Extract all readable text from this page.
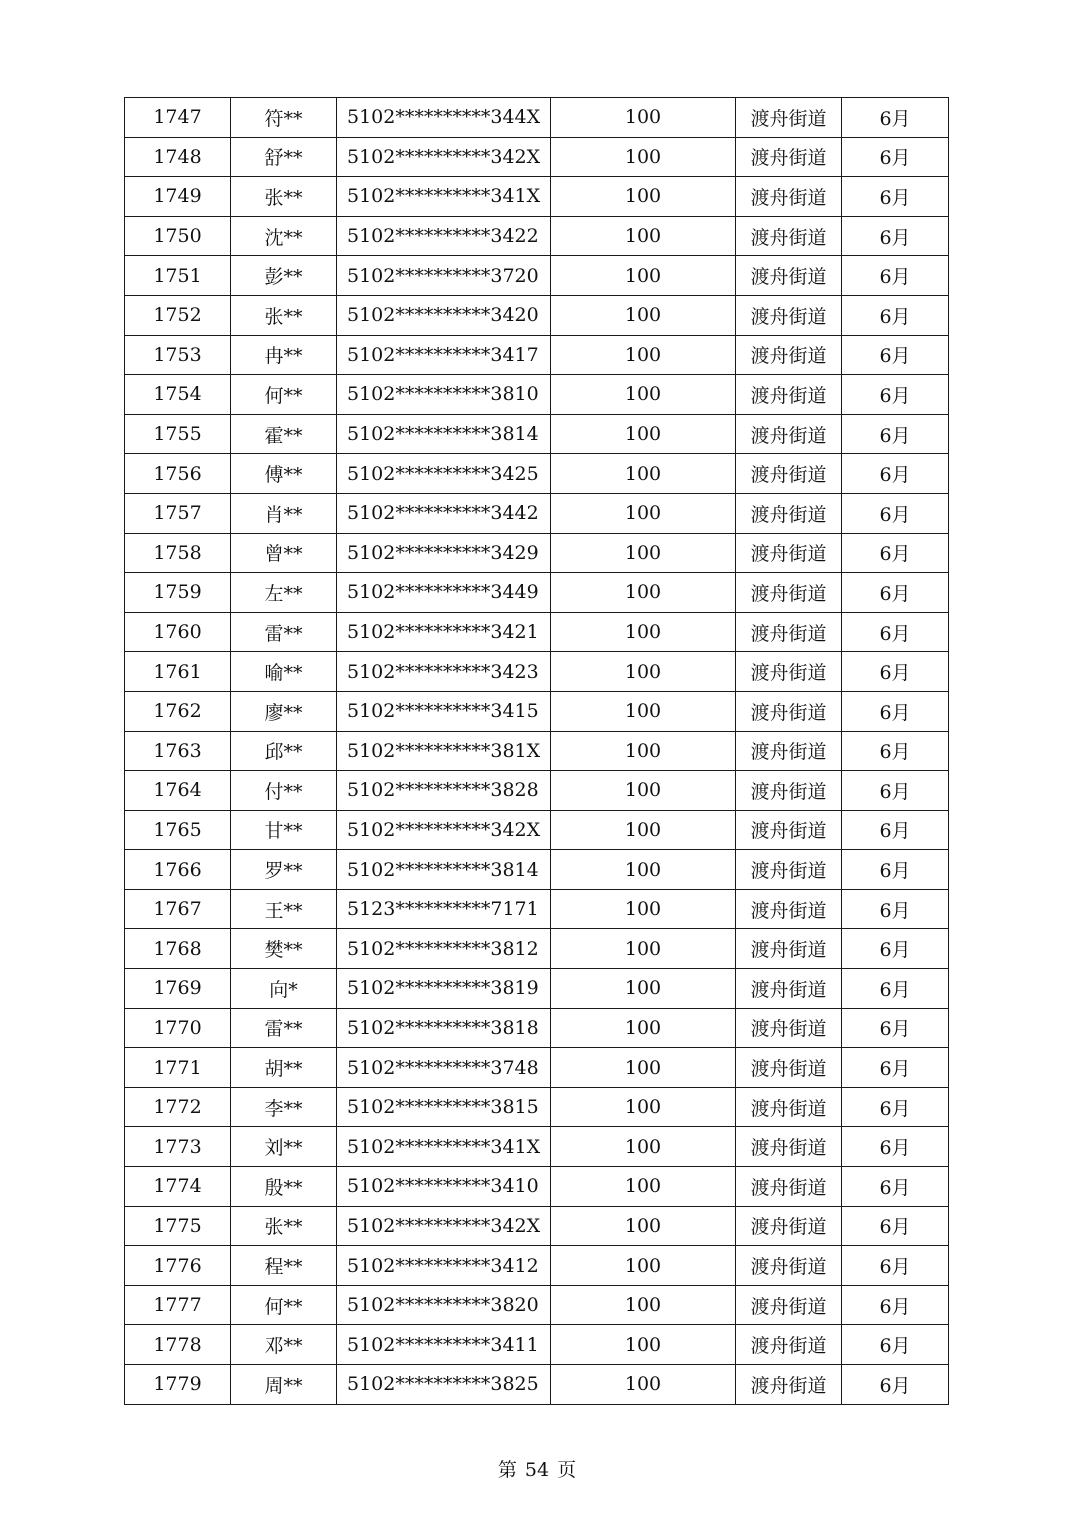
1747	符**	5102**********344X	100	渡舟街道	6月
1748	舒**	5102**********342X	100	渡舟街道	6月
1749	张**	5102**********341X	100	渡舟街道	6月
1750	沈**	5102**********3422	100	渡舟街道	6月
1751	彭**	5102**********3720	100	渡舟街道	6月
1752	张**	5102**********3420	100	渡舟街道	6月
1753	冉**	5102**********3417	100	渡舟街道	6月
1754	何**	5102**********3810	100	渡舟街道	6月
1755	霍**	5102**********3814	100	渡舟街道	6月
1756	傅**	5102**********3425	100	渡舟街道	6月
1757	肖**	5102**********3442	100	渡舟街道	6月
1758	曾**	5102**********3429	100	渡舟街道	6月
1759	左**	5102**********3449	100	渡舟街道	6月
1760	雷**	5102**********3421	100	渡舟街道	6月
1761	喻**	5102**********3423	100	渡舟街道	6月
1762	廖**	5102**********3415	100	渡舟街道	6月
1763	邱**	5102**********381X	100	渡舟街道	6月
1764	付**	5102**********3828	100	渡舟街道	6月
1765	甘**	5102**********342X	100	渡舟街道	6月
1766	罗**	5102**********3814	100	渡舟街道	6月
1767	王**	5123**********7171	100	渡舟街道	6月
1768	樊**	5102**********3812	100	渡舟街道	6月
1769	向*	5102**********3819	100	渡舟街道	6月
1770	雷**	5102**********3818	100	渡舟街道	6月
1771	胡**	5102**********3748	100	渡舟街道	6月
1772	李**	5102**********3815	100	渡舟街道	6月
1773	刘**	5102**********341X	100	渡舟街道	6月
1774	殷**	5102**********3410	100	渡舟街道	6月
1775	张**	5102**********342X	100	渡舟街道	6月
1776	程**	5102**********3412	100	渡舟街道	6月
1777	何**	5102**********3820	100	渡舟街道	6月
1778	邓**	5102**********3411	100	渡舟街道	6月
1779	周**	5102**********3825	100	渡舟街道	6月
第 54 页
